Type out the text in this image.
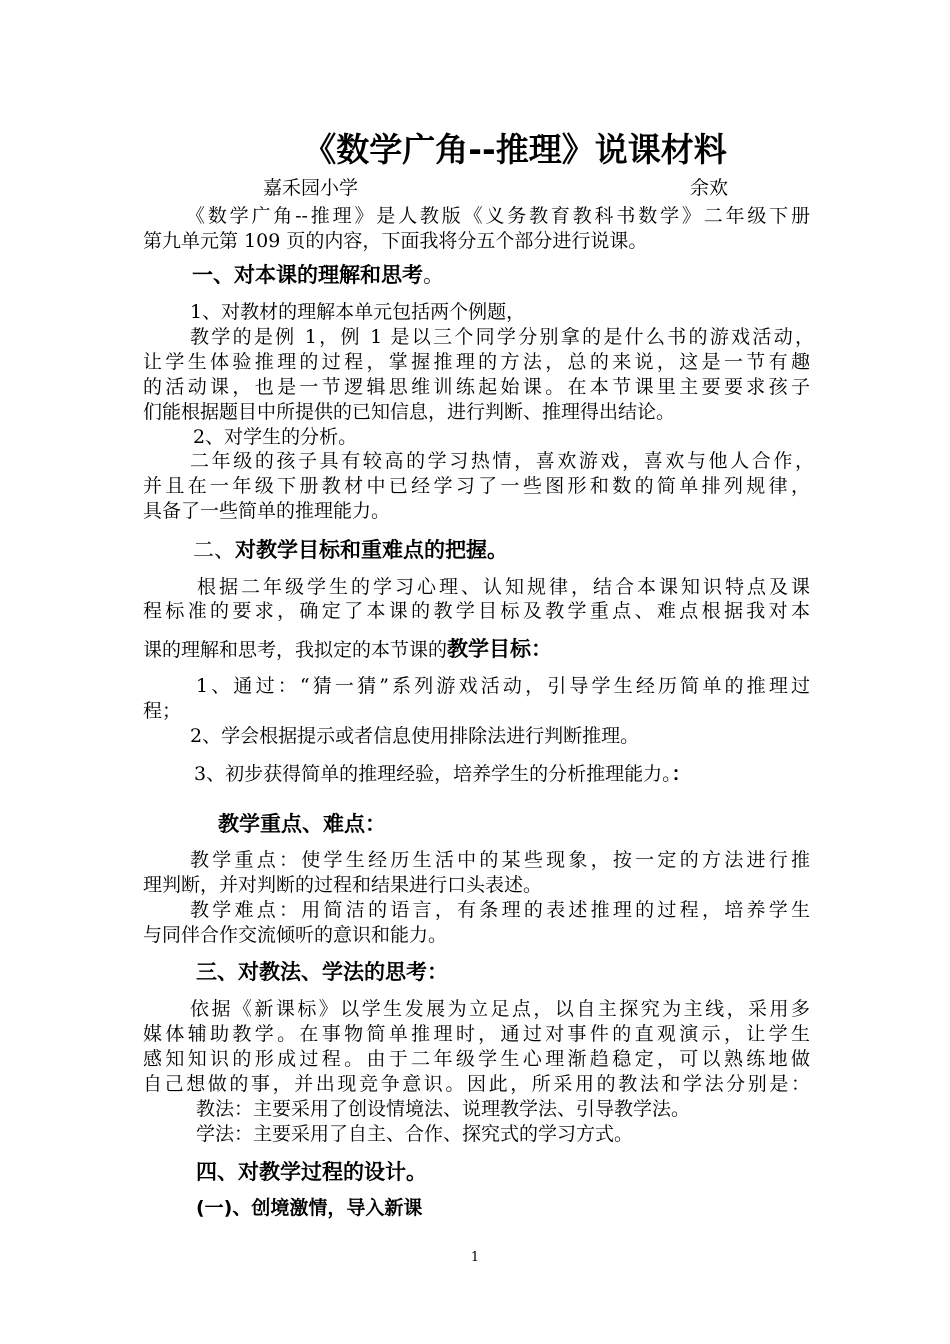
《数学广角--推理》说课材料
嘉禾园小学	余欢
《数学广角--推理》是人教版《义务教育教科书数学》二年级下册
第九单元第 109 页的内容，下面我将分五个部分进行说课。
一、对本课的理解和思考。
1、对教材的理解本单元包括两个例题，
教学的是例 1，例 1 是以三个同学分别拿的是什么书的游戏活动，
让学生体验推理的过程，掌握推理的方法，总的来说，这是一节有趣
的活动课，也是一节逻辑思维训练起始课。在本节课里主要要求孩子
们能根据题目中所提供的已知信息，进行判断、推理得出结论。
2、对学生的分析。
二年级的孩子具有较高的学习热情，喜欢游戏，喜欢与他人合作，
并且在一年级下册教材中已经学习了一些图形和数的简单排列规律，
具备了一些简单的推理能力。
二、对教学目标和重难点的把握。
根据二年级学生的学习心理、认知规律，结合本课知识特点及课
程标准的要求，确定了本课的教学目标及教学重点、难点根据我对本
课的理解和思考，我拟定的本节课的教学目标：
1、通过：“猜一猜”系列游戏活动，引导学生经历简单的推理过
程；
2、学会根据提示或者信息使用排除法进行判断推理。
3、初步获得简单的推理经验，培养学生的分析推理能力。：
教学重点、难点：
教学重点：使学生经历生活中的某些现象，按一定的方法进行推
理判断，并对判断的过程和结果进行口头表述。
教学难点：用简洁的语言，有条理的表述推理的过程，培养学生
与同伴合作交流倾听的意识和能力。
三、对教法、学法的思考：
依据《新课标》以学生发展为立足点，以自主探究为主线，采用多
媒体辅助教学。在事物简单推理时，通过对事件的直观演示，让学生
感知知识的形成过程。由于二年级学生心理渐趋稳定，可以熟练地做
自己想做的事，并出现竞争意识。因此，所采用的教法和学法分别是：
教法：主要采用了创设情境法、说理教学法、引导教学法。
学法：主要采用了自主、合作、探究式的学习方式。
四、对教学过程的设计。
(一)、创境激情，导入新课
1
